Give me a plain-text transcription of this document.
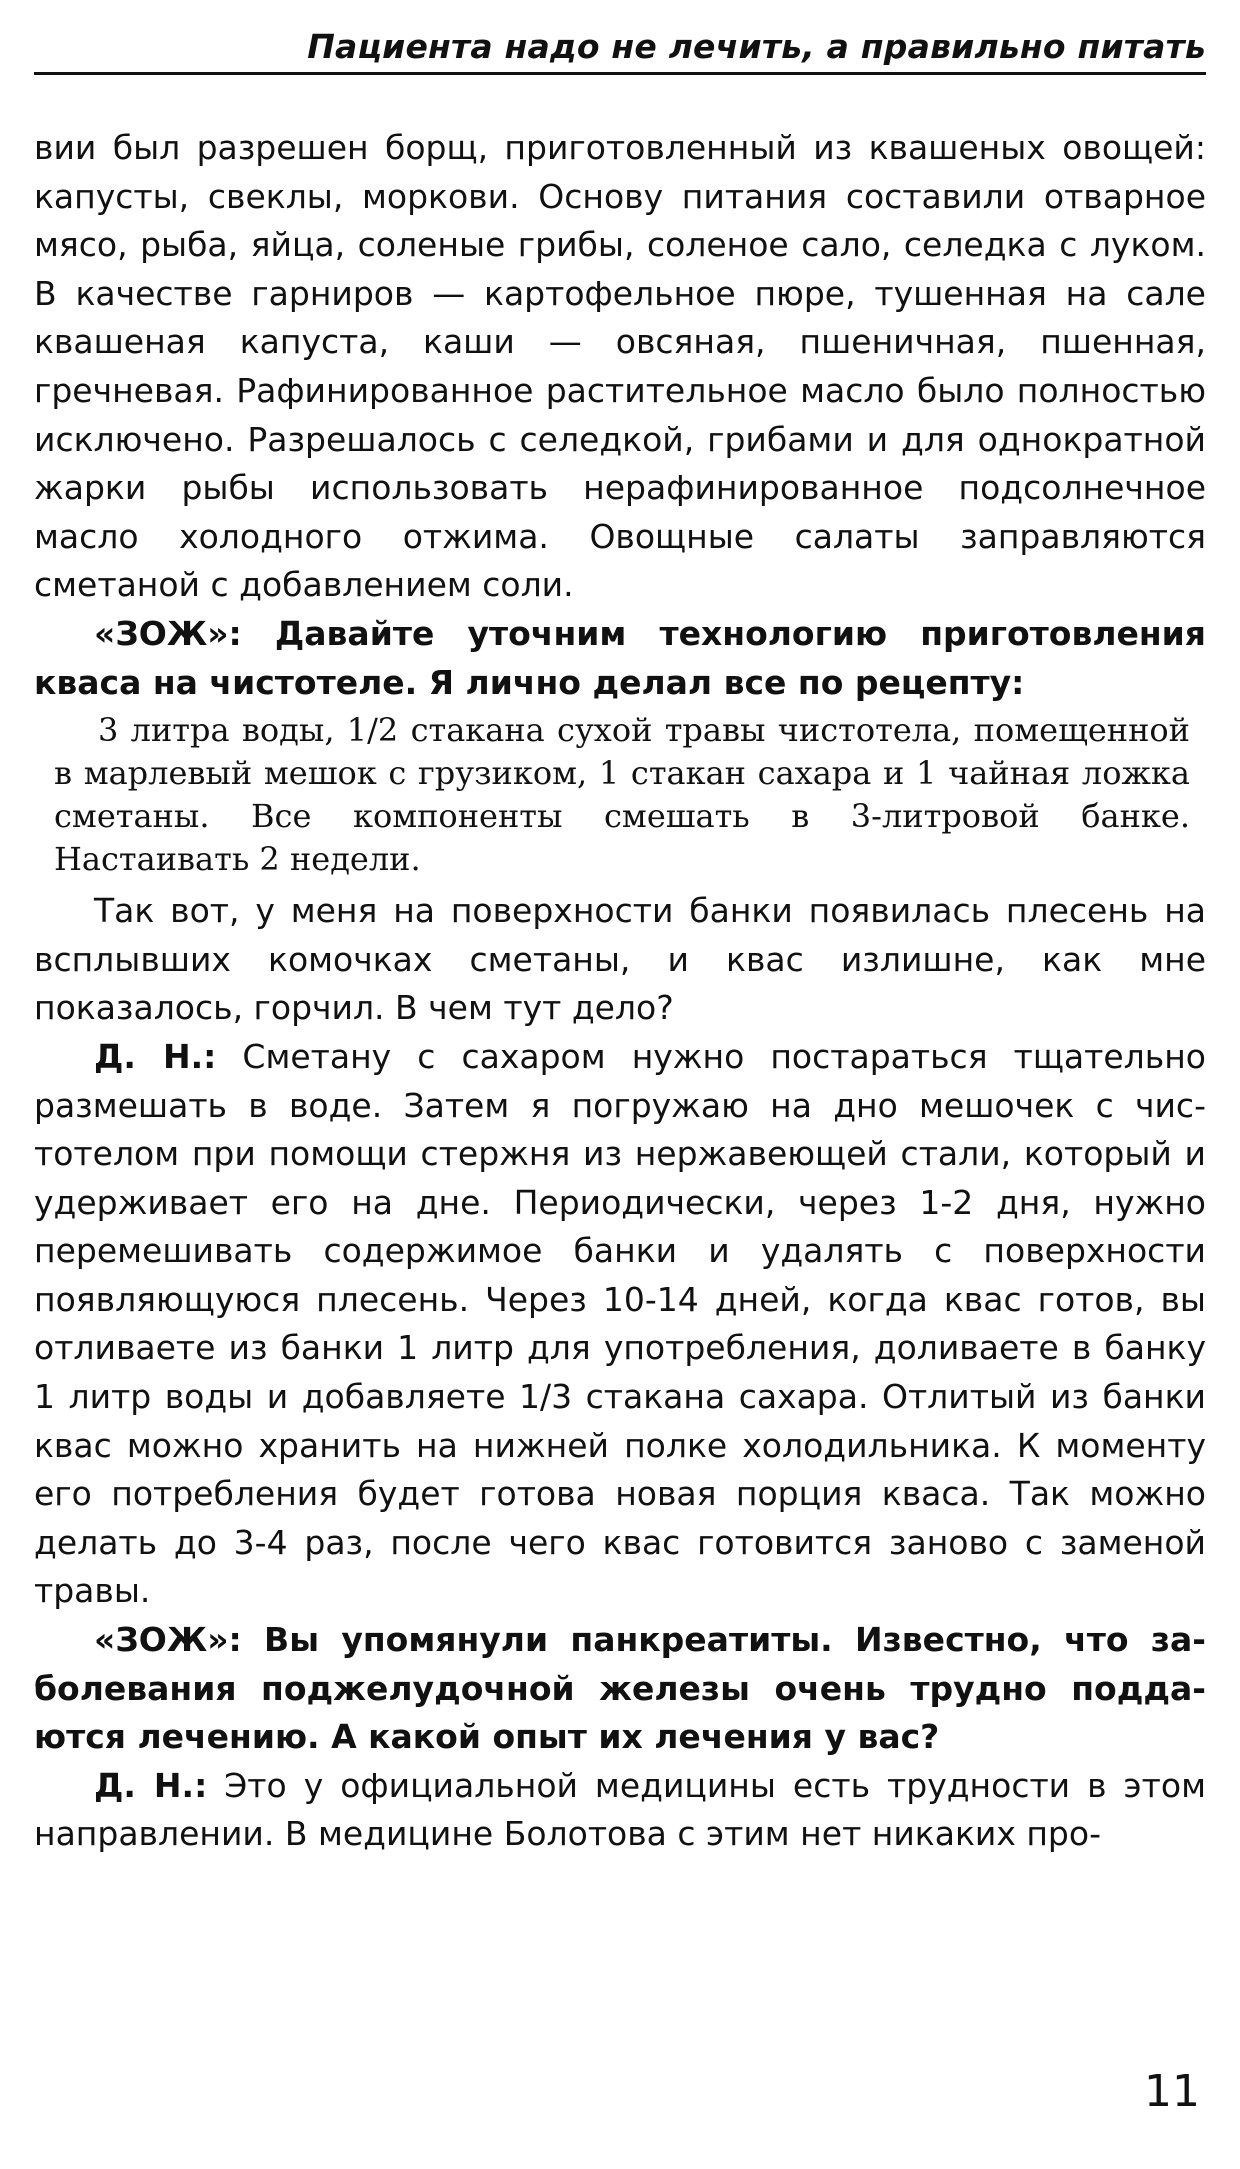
Пациента надо не лечить, а правильно питать

вии был разрешен борщ, приготовленный из квашеных овощей: капусты, свеклы, моркови. Основу питания составили отварное мясо, рыба, яйца, соленые грибы, соленое сало, селедка с луком. В качестве гарниров — картофельное пюре, тушенная на сале квашеная капуста, каши — овсяная, пшеничная, пшенная, гречневая. Рафинированное растительное масло было полностью исключено. Разрешалось с селедкой, грибами и для однократной жарки рыбы использовать нерафинированное подсолнечное масло холодного отжима. Овощные салаты заправляются сметаной с добавлением соли.

«ЗОЖ»: Давайте уточним технологию приготовления кваса на чистотеле. Я лично делал все по рецепту:

3 литра воды, 1/2 стакана сухой травы чистотела, помещенной в марлевый мешок с грузиком, 1 стакан сахара и 1 чайная ложка сметаны. Все компоненты смешать в 3-литровой банке. Настаивать 2 недели.

Так вот, у меня на поверхности банки появилась плесень на всплывших комочках сметаны, и квас излишне, как мне показалось, горчил. В чем тут дело?

Д. Н.: Сметану с сахаром нужно постараться тщательно размешать в воде. Затем я погружаю на дно мешочек с чистотелом при помощи стержня из нержавеющей стали, который и удерживает его на дне. Периодически, через 1-2 дня, нужно перемешивать содержимое банки и удалять с поверхности появляющуюся плесень. Через 10-14 дней, когда квас готов, вы отливаете из банки 1 литр для употребления, доливаете в банку 1 литр воды и добавляете 1/3 стакана сахара. Отлитый из банки квас можно хранить на нижней полке холодильника. К моменту его потребления будет готова новая порция кваса. Так можно делать до 3-4 раз, после чего квас готовится заново с заменой травы.

«ЗОЖ»: Вы упомянули панкреатиты. Известно, что заболевания поджелудочной железы очень трудно поддаются лечению. А какой опыт их лечения у вас?

Д. Н.: Это у официальной медицины есть трудности в этом направлении. В медицине Болотова с этим нет никаких про-

11
